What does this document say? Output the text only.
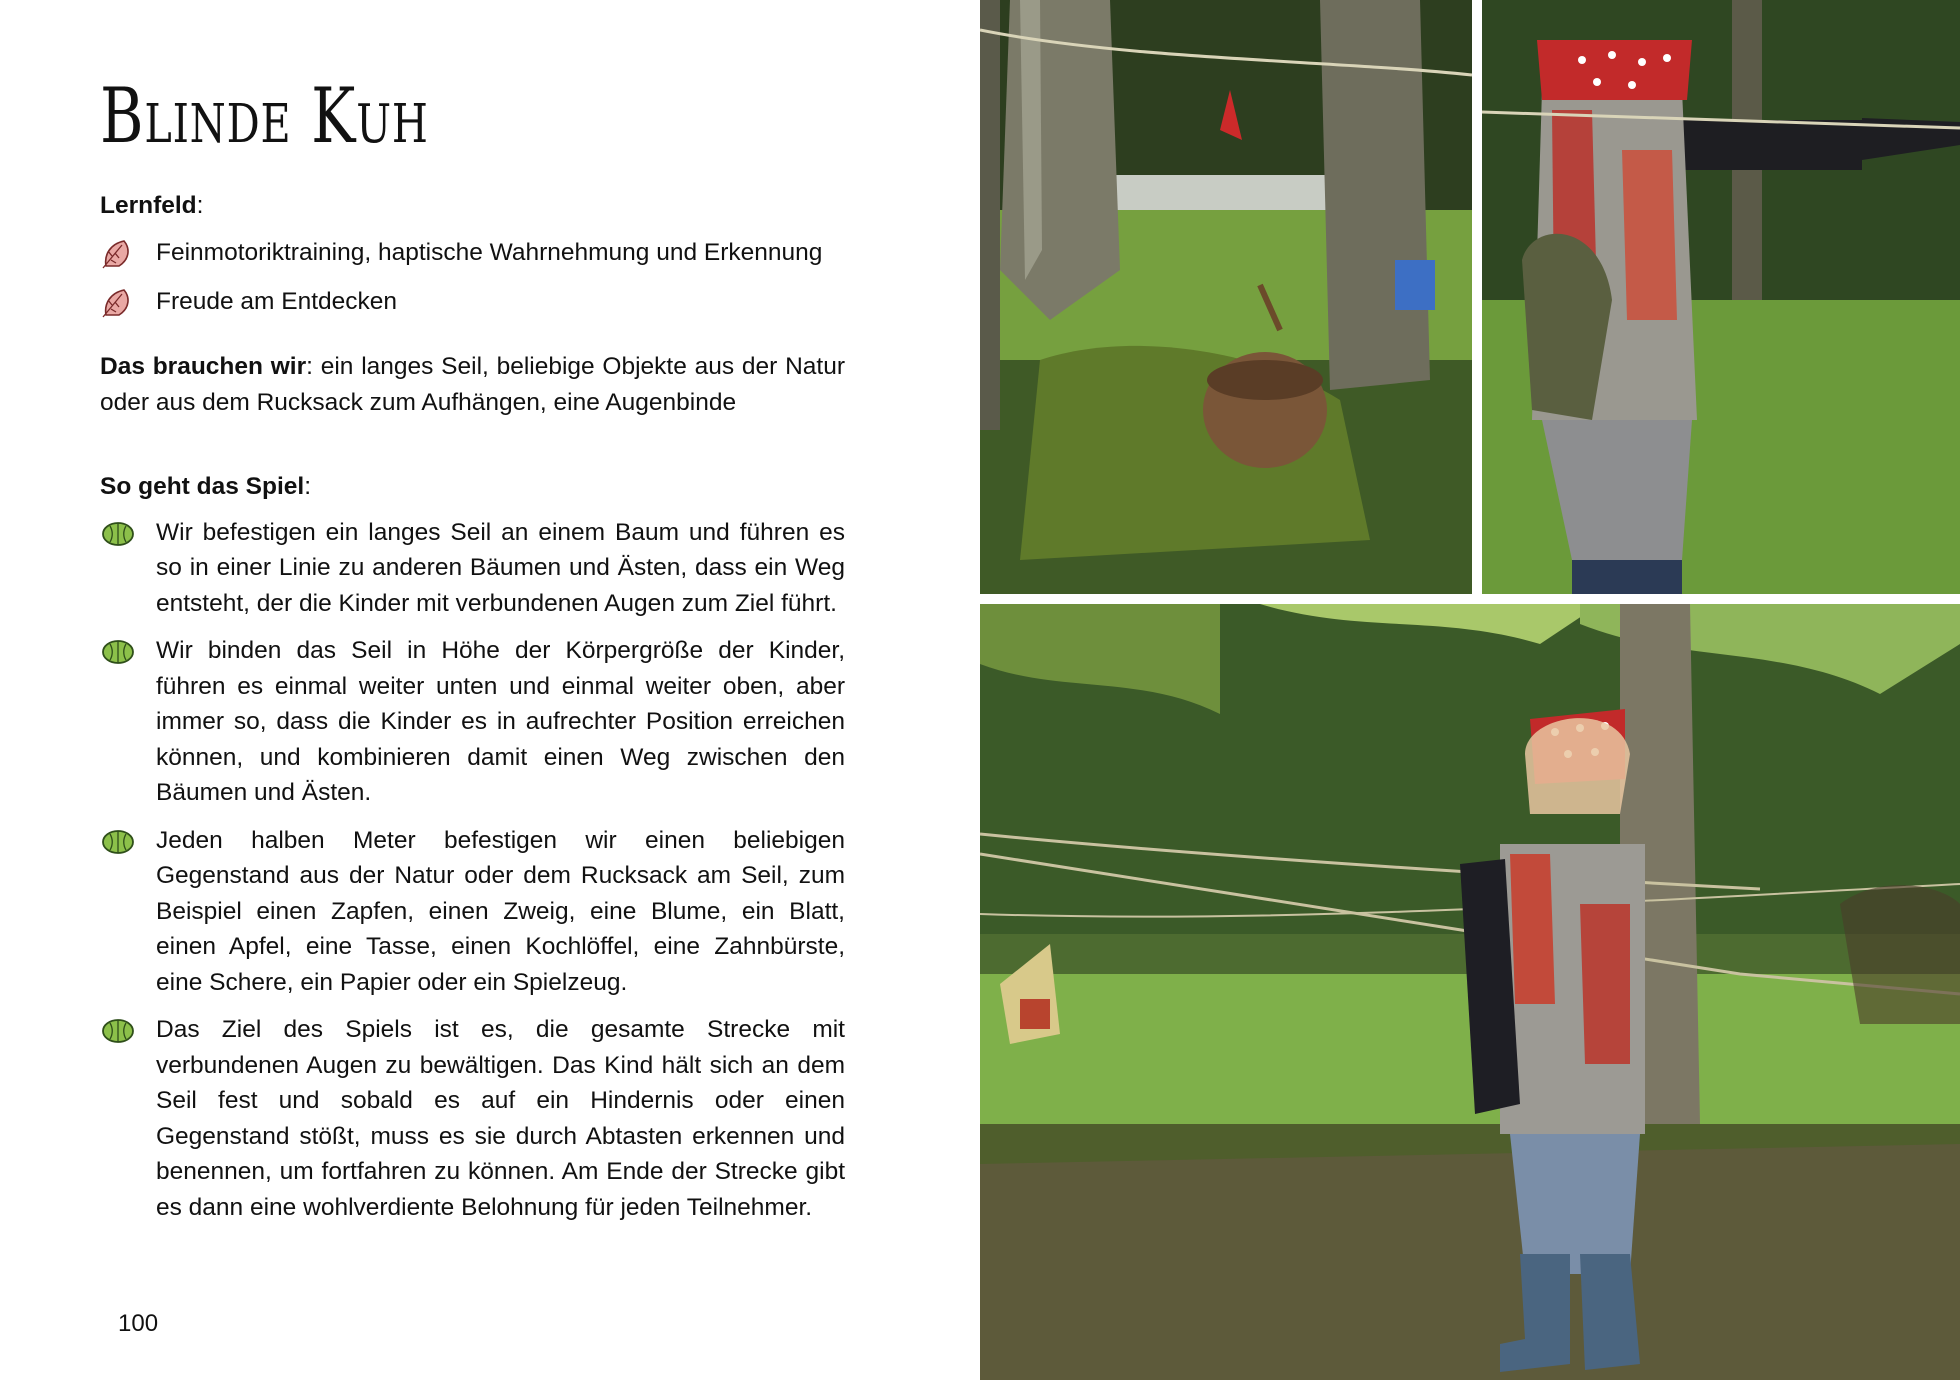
Blinde Kuh
Lernfeld:
Feinmotoriktraining, haptische Wahrnehmung und Erkennung
Freude am Entdecken
Das brauchen wir: ein langes Seil, beliebige Objekte aus der Natur oder aus dem Rucksack zum Aufhängen, eine Augenbinde
So geht das Spiel:
Wir befestigen ein langes Seil an einem Baum und führen es so in einer Linie zu anderen Bäumen und Ästen, dass ein Weg entsteht, der die Kinder mit verbundenen Augen zum Ziel führt.
Wir binden das Seil in Höhe der Körpergröße der Kinder, führen es einmal weiter unten und einmal weiter oben, aber immer so, dass die Kinder es in aufrechter Position erreichen können, und kombinieren damit einen Weg zwischen den Bäumen und Ästen.
Jeden halben Meter befestigen wir einen beliebigen Gegenstand aus der Natur oder dem Rucksack am Seil, zum Beispiel einen Zapfen, einen Zweig, eine Blume, ein Blatt, einen Apfel, eine Tasse, einen Kochlöffel, eine Zahnbürste, eine Schere, ein Papier oder ein Spielzeug.
Das Ziel des Spiels ist es, die gesamte Strecke mit verbundenen Augen zu bewältigen. Das Kind hält sich an dem Seil fest und sobald es auf ein Hindernis oder einen Gegenstand stößt, muss es sie durch Abtasten erkennen und benennen, um fortfahren zu können. Am Ende der Strecke gibt es dann eine wohlverdiente Belohnung für jeden Teilnehmer.
100
